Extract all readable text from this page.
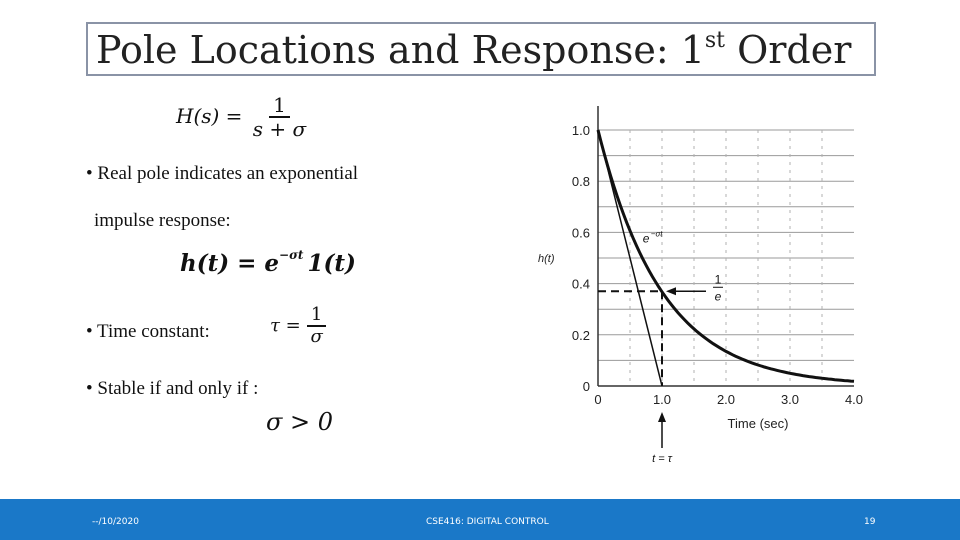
Pole Locations and Response: 1st Order
$H(s) = \frac{1}{s + \sigma}$
• Real pole indicates an exponential
impulse response:
$h(t) = e^{-\sigma t}$ 1(t)
• Time constant:	$\tau = \frac{1}{\sigma}$
• Stable if and only if :
σ > 0
0
0.2
0.4
0.6
0.8
1.0
0	1.0	2.0	3.0	4.0
h(t)
Time (sec)
1
e
e −σt
t = τ
--/10/2020	CSE416: DIGITAL CONTROL	19
